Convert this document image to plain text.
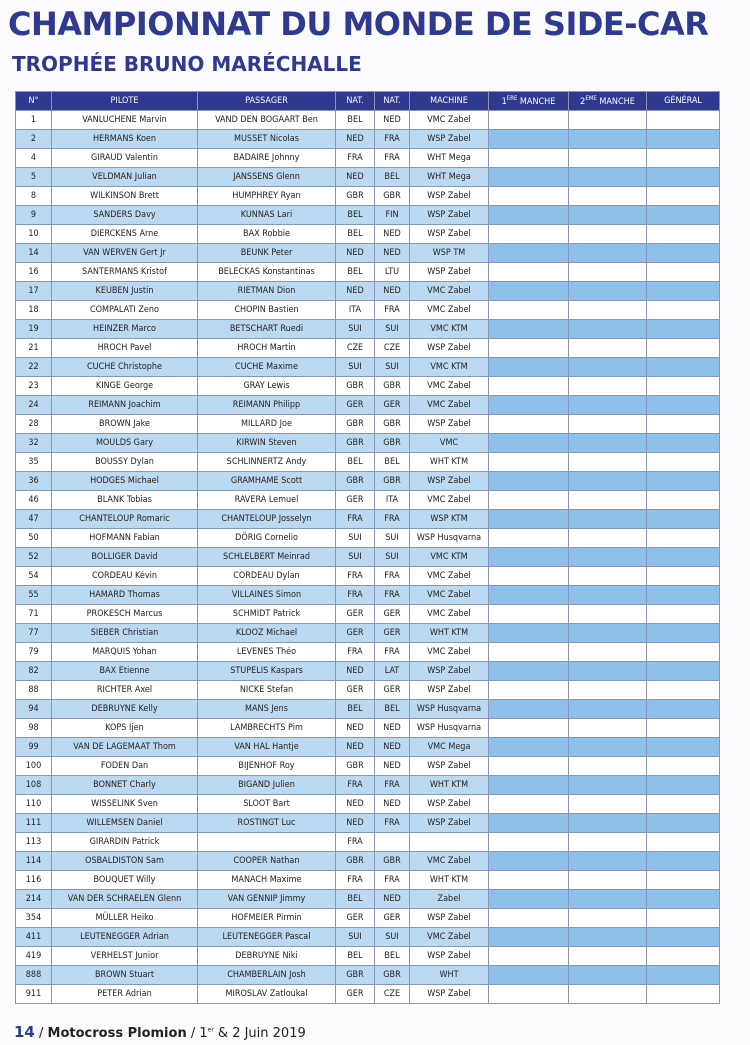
CHAMPIONNAT DU MONDE DE SIDE-CAR
TROPHÉE BRUNO MARÉCHALLE
N°	PILOTE	PASSAGER	NAT.	NAT.	MACHINE	1ERE MANCHE	2EME MANCHE	GÉNÉRAL
1	VANLUCHENE Marvin	VAND DEN BOGAART Ben	BEL	NED	VMC Zabel			
2	HERMANS Koen	MUSSET Nicolas	NED	FRA	WSP Zabel			
4	GIRAUD Valentin	BADAIRE Johnny	FRA	FRA	WHT Mega			
5	VELDMAN Julian	JANSSENS Glenn	NED	BEL	WHT Mega			
8	WILKINSON Brett	HUMPHREY Ryan	GBR	GBR	WSP Zabel			
9	SANDERS Davy	KUNNAS Lari	BEL	FIN	WSP Zabel			
10	DIERCKENS Arne	BAX Robbie	BEL	NED	WSP Zabel			
14	VAN WERVEN Gert Jr	BEUNK Peter	NED	NED	WSP TM			
16	SANTERMANS Kristof	BELECKAS Konstantinas	BEL	LTU	WSP Zabel			
17	KEUBEN Justin	RIETMAN Dion	NED	NED	VMC Zabel			
18	COMPALATI Zeno	CHOPIN Bastien	ITA	FRA	VMC Zabel			
19	HEINZER Marco	BETSCHART Ruedi	SUI	SUI	VMC KTM			
21	HROCH Pavel	HROCH Martin	CZE	CZE	WSP Zabel			
22	CUCHE Christophe	CUCHE Maxime	SUI	SUI	VMC KTM			
23	KINGE George	GRAY Lewis	GBR	GBR	VMC Zabel			
24	REIMANN Joachim	REIMANN Philipp	GER	GER	VMC Zabel			
28	BROWN Jake	MILLARD Joe	GBR	GBR	WSP Zabel			
32	MOULDS Gary	KIRWIN Steven	GBR	GBR	VMC			
35	BOUSSY Dylan	SCHLINNERTZ Andy	BEL	BEL	WHT KTM			
36	HODGES Michael	GRAMHAME Scott	GBR	GBR	WSP Zabel			
46	BLANK Tobias	RAVERA Lemuel	GER	ITA	VMC Zabel			
47	CHANTELOUP Romaric	CHANTELOUP Josselyn	FRA	FRA	WSP KTM			
50	HOFMANN Fabian	DÖRIG Cornelio	SUI	SUI	WSP Husqvarna			
52	BOLLIGER David	SCHLELBERT Meinrad	SUI	SUI	VMC KTM			
54	CORDEAU Kévin	CORDEAU Dylan	FRA	FRA	VMC Zabel			
55	HAMARD Thomas	VILLAINES Simon	FRA	FRA	VMC Zabel			
71	PROKESCH Marcus	SCHMIDT Patrick	GER	GER	VMC Zabel			
77	SIEBER Christian	KLOOZ Michael	GER	GER	WHT KTM			
79	MARQUIS Yohan	LEVENES Théo	FRA	FRA	VMC Zabel			
82	BAX Etienne	STUPELIS Kaspars	NED	LAT	WSP Zabel			
88	RICHTER Axel	NICKE Stefan	GER	GER	WSP Zabel			
94	DEBRUYNE Kelly	MANS Jens	BEL	BEL	WSP Husqvarna			
98	KOPS Ijen	LAMBRECHTS Pim	NED	NED	WSP Husqvarna			
99	VAN DE LAGEMAAT Thom	VAN HAL Hantje	NED	NED	VMC Mega			
100	FODEN Dan	BIJENHOF Roy	GBR	NED	WSP Zabel			
108	BONNET Charly	BIGAND Julien	FRA	FRA	WHT KTM			
110	WISSELINK Sven	SLOOT Bart	NED	NED	WSP Zabel			
111	WILLEMSEN Daniel	ROSTINGT Luc	NED	FRA	WSP Zabel			
113	GIRARDIN Patrick		FRA					
114	OSBALDISTON Sam	COOPER Nathan	GBR	GBR	VMC Zabel			
116	BOUQUET Willy	MANACH Maxime	FRA	FRA	WHT KTM			
214	VAN DER SCHRAELEN Glenn	VAN GENNIP Jimmy	BEL	NED	Zabel			
354	MÜLLER Heiko	HOFMEIER Pirmin	GER	GER	WSP Zabel			
411	LEUTENEGGER Adrian	LEUTENEGGER Pascal	SUI	SUI	VMC Zabel			
419	VERHELST Junior	DEBRUYNE Niki	BEL	BEL	WSP Zabel			
888	BROWN Stuart	CHAMBERLAIN Josh	GBR	GBR	WHT			
911	PETER Adrian	MIROSLAV Zatloukal	GER	CZE	WSP Zabel			
14 / Motocross Plomion / 1er & 2 Juin 2019
